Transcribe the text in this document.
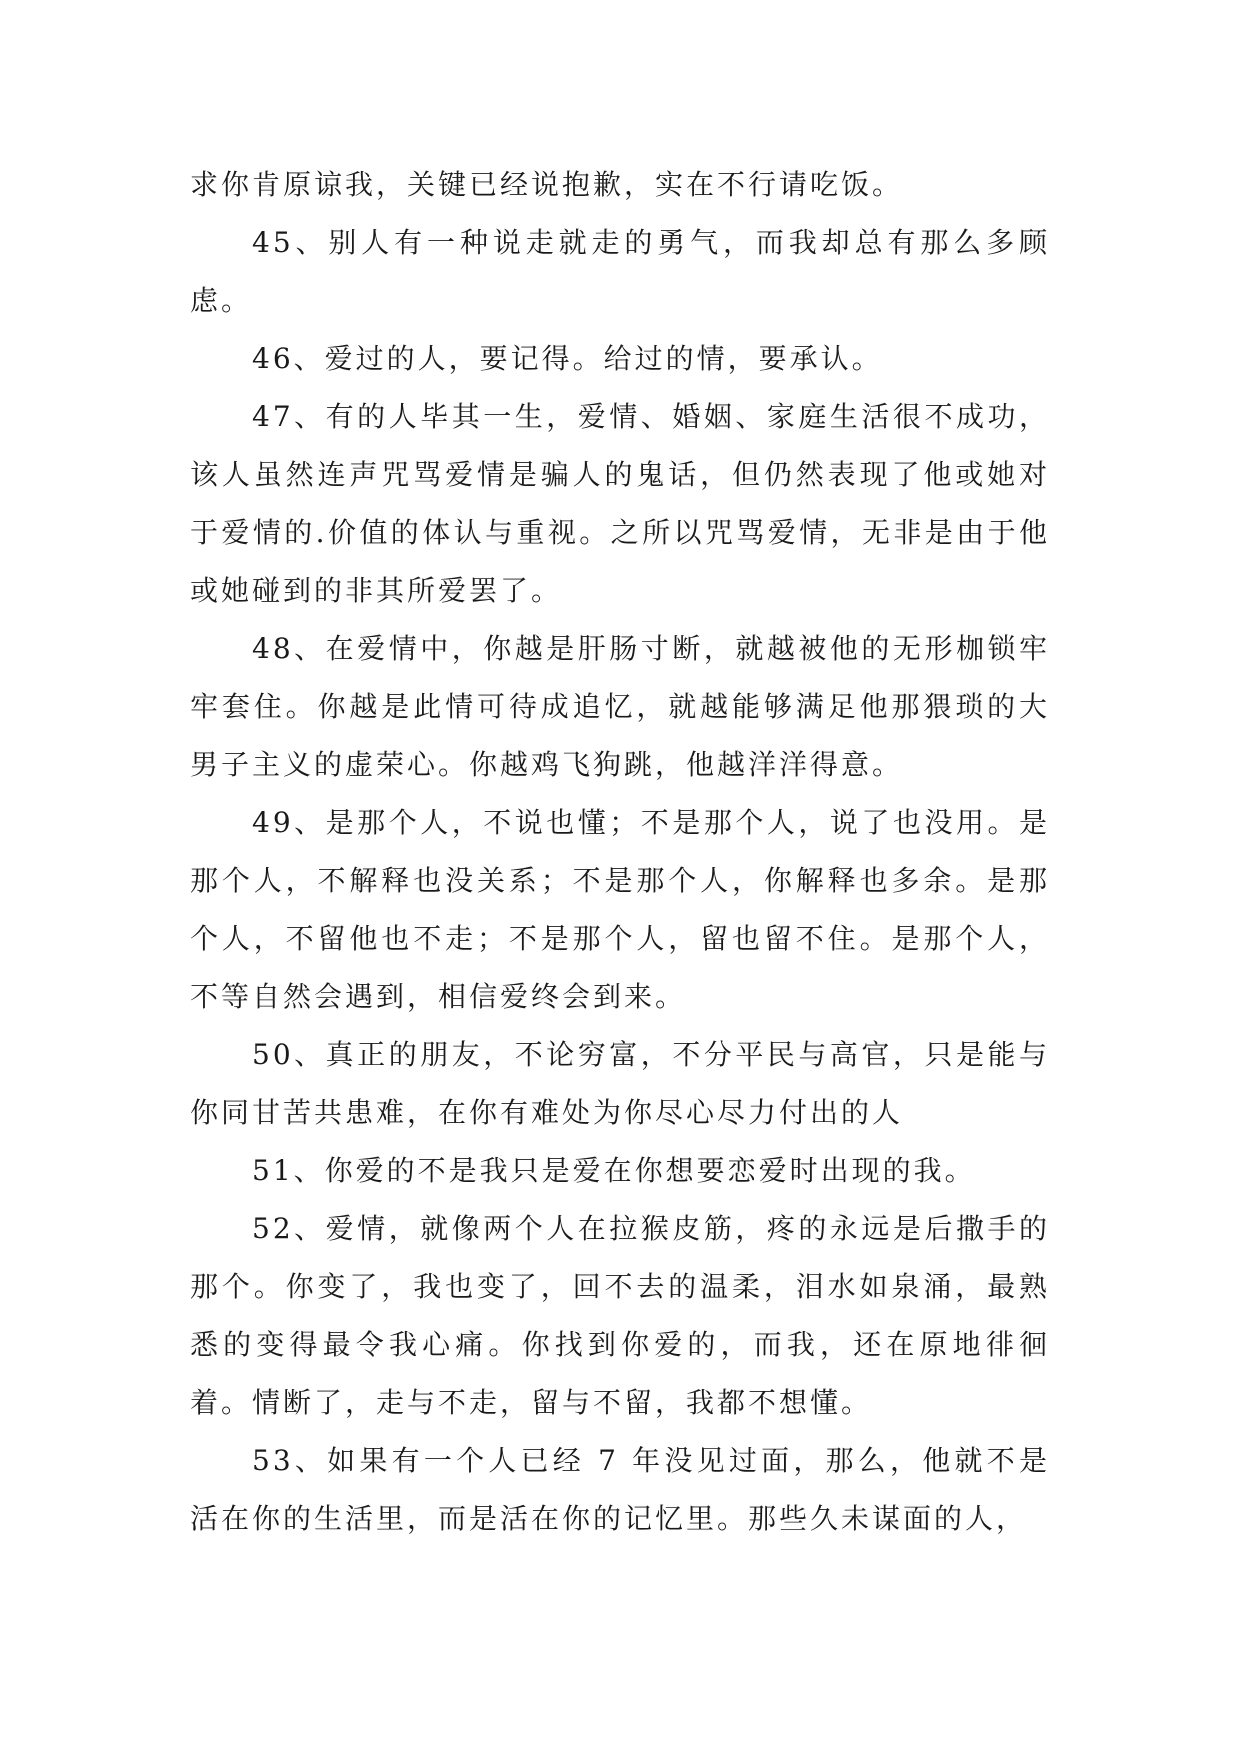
求你肯原谅我，关键已经说抱歉，实在不行请吃饭。

45、别人有一种说走就走的勇气，而我却总有那么多顾虑。

46、爱过的人，要记得。给过的情，要承认。

47、有的人毕其一生，爱情、婚姻、家庭生活很不成功，该人虽然连声咒骂爱情是骗人的鬼话，但仍然表现了他或她对于爱情的.价值的体认与重视。之所以咒骂爱情，无非是由于他或她碰到的非其所爱罢了。

48、在爱情中，你越是肝肠寸断，就越被他的无形枷锁牢牢套住。你越是此情可待成追忆，就越能够满足他那猥琐的大男子主义的虚荣心。你越鸡飞狗跳，他越洋洋得意。

49、是那个人，不说也懂；不是那个人，说了也没用。是那个人，不解释也没关系；不是那个人，你解释也多余。是那个人，不留他也不走；不是那个人，留也留不住。是那个人，不等自然会遇到，相信爱终会到来。

50、真正的朋友，不论穷富，不分平民与高官，只是能与你同甘苦共患难，在你有难处为你尽心尽力付出的人

51、你爱的不是我只是爱在你想要恋爱时出现的我。

52、爱情，就像两个人在拉猴皮筋，疼的永远是后撒手的那个。你变了，我也变了，回不去的温柔，泪水如泉涌，最熟悉的变得最令我心痛。你找到你爱的，而我，还在原地徘徊着。情断了，走与不走，留与不留，我都不想懂。

53、如果有一个人已经 7 年没见过面，那么，他就不是活在你的生活里，而是活在你的记忆里。那些久未谋面的人，
